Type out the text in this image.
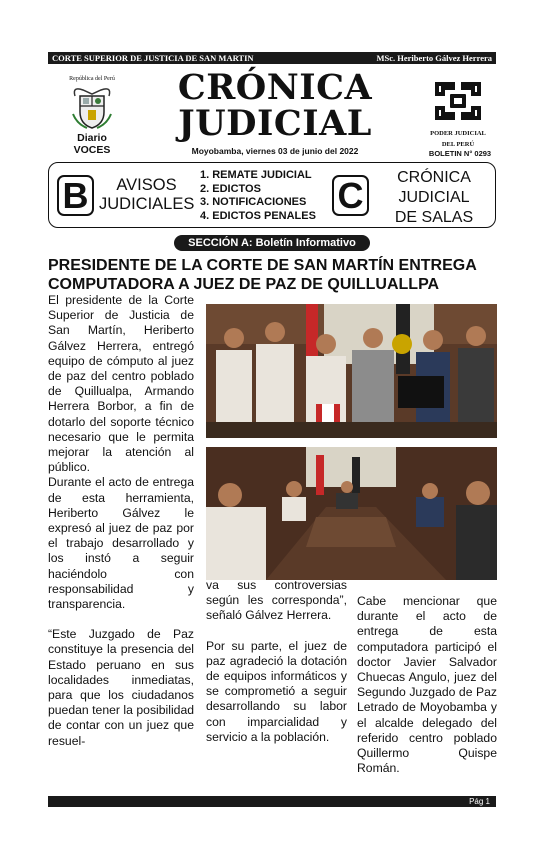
CORTE SUPERIOR DE JUSTICIA DE SAN MARTIN	MSc. Heriberto Gálvez Herrera
República del Perú
Diario VOCES
CRÓNICA
JUDICIAL
Moyobamba, viernes 03 de junio del 2022
PODER JUDICIAL
DEL PERÚ
BOLETIN N° 0293
B	AVISOS
JUDICIALES
1. REMATE JUDICIAL
2. EDICTOS
3. NOTIFICACIONES
4. EDICTOS PENALES C	CRÓNICA
JUDICIAL
DE SALAS
SECCIÓN A: Boletín Informativo
PRESIDENTE DE LA CORTE DE SAN MARTÍN ENTREGA COMPUTADORA A JUEZ DE PAZ DE QUILLUALLPA

El presidente de la Corte Superior de Justicia de San Martín, Heriberto Gálvez Herrera, entregó equipo de cómputo al juez de paz del centro poblado de Quillualpa, Armando Herrera Borbor, a fin de dotarlo del soporte técnico necesario que le permita mejorar la atención al público.

Durante el acto de entrega de esta herramienta, Heriberto Gálvez le expresó al juez de paz por el trabajo desarrollado y los instó a seguir haciéndolo con responsabilidad y transparencia.

“Este Juzgado de Paz constituye la presencia del Estado peruano en sus localidades inmediatas, para que los ciudadanos puedan tener la posibilidad de contar con un juez que resuel-

va sus controversias según les corresponda”, señaló Gálvez Herrera.

Por su parte, el juez de paz agradeció la dotación de equipos informáticos y se comprometió a seguir desarrollando su labor con imparcialidad y servicio a la población.

Cabe mencionar que durante el acto de entrega de esta computadora participó el doctor Javier Salvador Chuecas Angulo, juez del Segundo Juzgado de Paz Letrado de Moyobamba y el alcalde delegado del referido centro poblado Quillermo Quispe Román.

Pág 1
